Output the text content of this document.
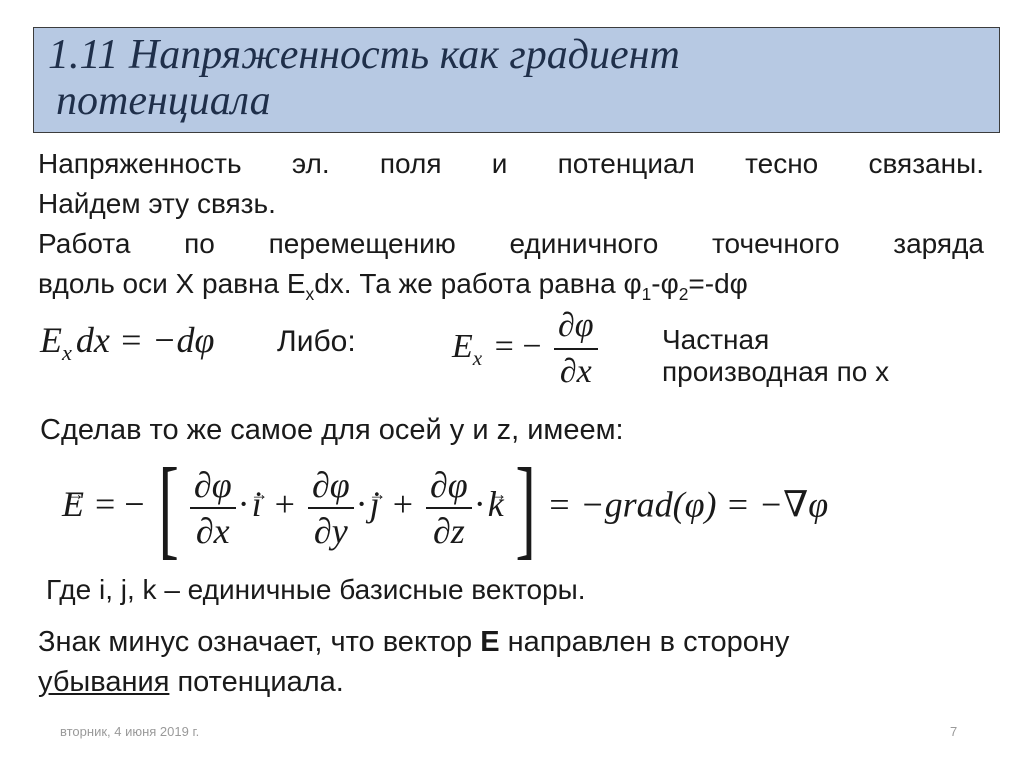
1.11 Напряженность как градиент
потенциала
Напряженность эл. поля и потенциал тесно связаны.
Найдем эту связь.
Работа по перемещению единичного точечного заряда
вдоль оси X равна $E_xdx$. Та же работа равна $\varphi_1-\varphi_2=-d\varphi$
$E_x$ dx = −dφ Либо:	$E_x$ = − $\frac{\partial\varphi}{\partial x}$ Частная
производная по x
Сделав то же самое для осей y и z, имеем:
→ E = − [ $\frac{\partial\varphi}{\partial x} \cdot\to i + \frac{\partial\varphi}{\partial y} \cdot\to j + \frac{\partial\varphi}{\partial z} \cdot\to k$ ] = −grad(φ) = −∇φ
Где i, j, k – единичные базисные векторы.
Знак минус означает, что вектор E направлен в сторону
убывания потенциала.
вторник, 4 июня 2019 г.	7
